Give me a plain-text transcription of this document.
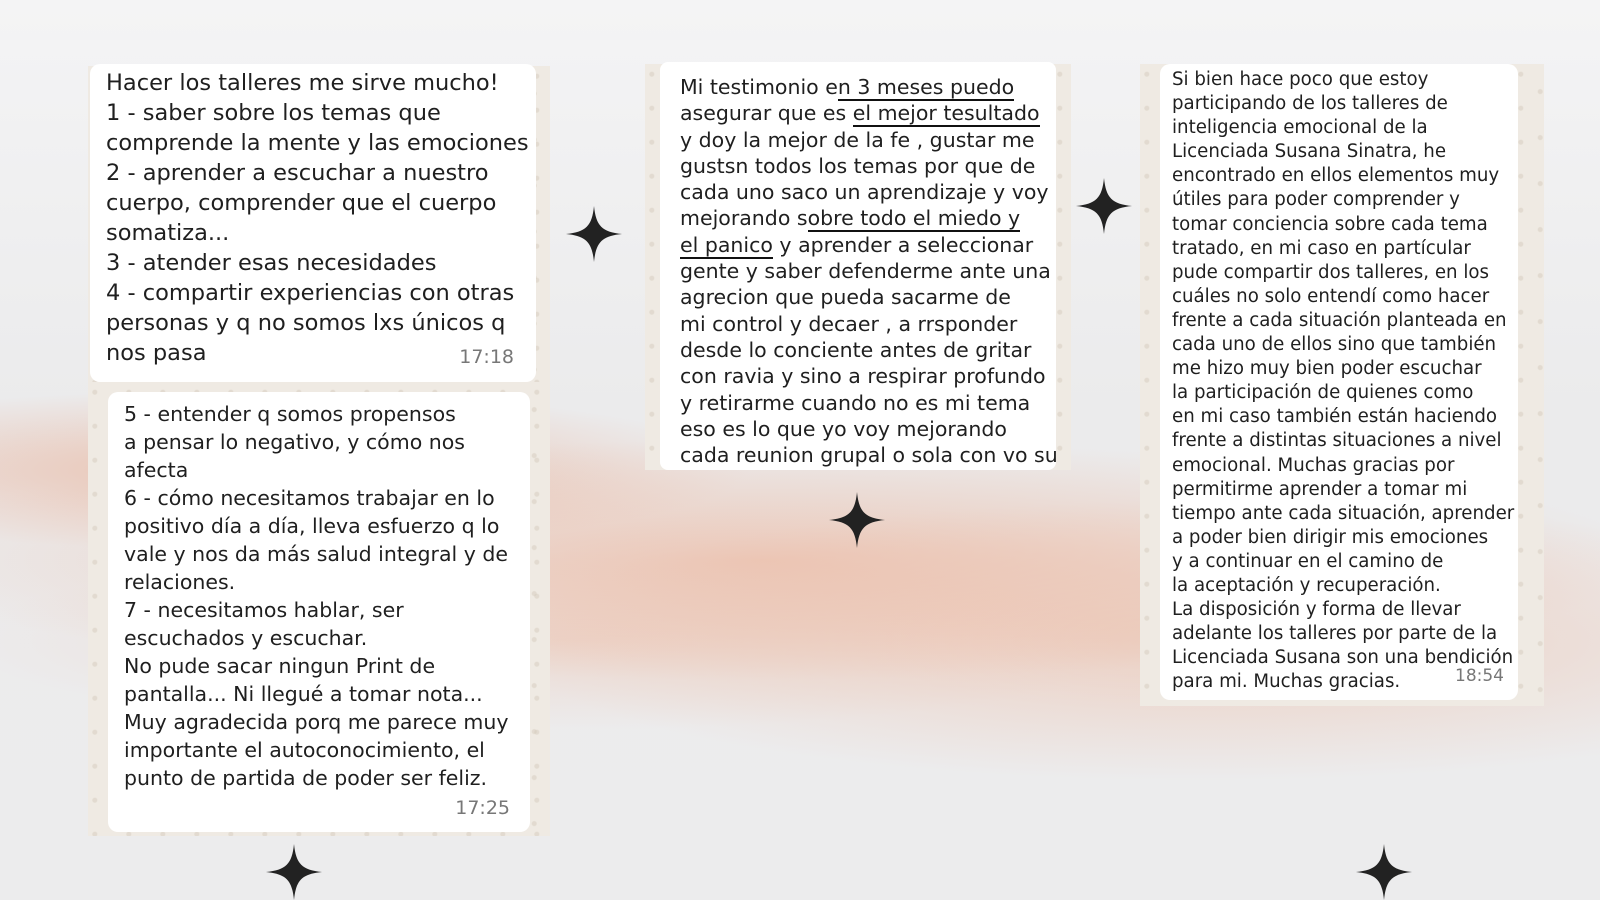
Hacer los talleres me sirve mucho!
1 - saber sobre los temas que
comprende la mente y las emociones
2 - aprender a escuchar a nuestro
cuerpo, comprender que el cuerpo
somatiza...
3 - atender esas necesidades
4 - compartir experiencias con otras
personas y q no somos lxs únicos q
nos pasa	17:18
5 - entender q somos propensos
a pensar lo negativo, y cómo nos
afecta
6 - cómo necesitamos trabajar en lo
positivo día a día, lleva esfuerzo q lo
vale y nos da más salud integral y de
relaciones.
7 - necesitamos hablar, ser
escuchados y escuchar.
No pude sacar ningun Print de
pantalla... Ni llegué a tomar nota...
Muy agradecida porq me parece muy
importante el autoconocimiento, el
punto de partida de poder ser feliz.
17:25
Mi testimonio en 3 meses puedo
asegurar que es el mejor tesultado
y doy la mejor de la fe , gustar me
gustsn todos los temas por que de
cada uno saco un aprendizaje y voy
mejorando sobre todo el miedo y
el panico y aprender a seleccionar
gente y saber defenderme ante una
agrecion que pueda sacarme de
mi control y decaer , a rrsponder
desde lo conciente antes de gritar
con ravia y sino a respirar profundo
y retirarme cuando no es mi tema
eso es lo que yo voy mejorando
cada reunion grupal o sola con vo su
Si bien hace poco que estoy
participando de los talleres de
inteligencia emocional de la
Licenciada Susana Sinatra, he
encontrado en ellos elementos muy
útiles para poder comprender y
tomar conciencia sobre cada tema
tratado, en mi caso en partícular
pude compartir dos talleres, en los
cuáles no solo entendí como hacer
frente a cada situación planteada en
cada uno de ellos sino que también
me hizo muy bien poder escuchar
la participación de quienes como
en mi caso también están haciendo
frente a distintas situaciones a nivel
emocional. Muchas gracias por
permitirme aprender a tomar mi
tiempo ante cada situación, aprender
a poder bien dirigir mis emociones
y a continuar en el camino de
la aceptación y recuperación.
La disposición y forma de llevar
adelante los talleres por parte de la
Licenciada Susana son una bendición
para mi. Muchas gracias.	18:54
